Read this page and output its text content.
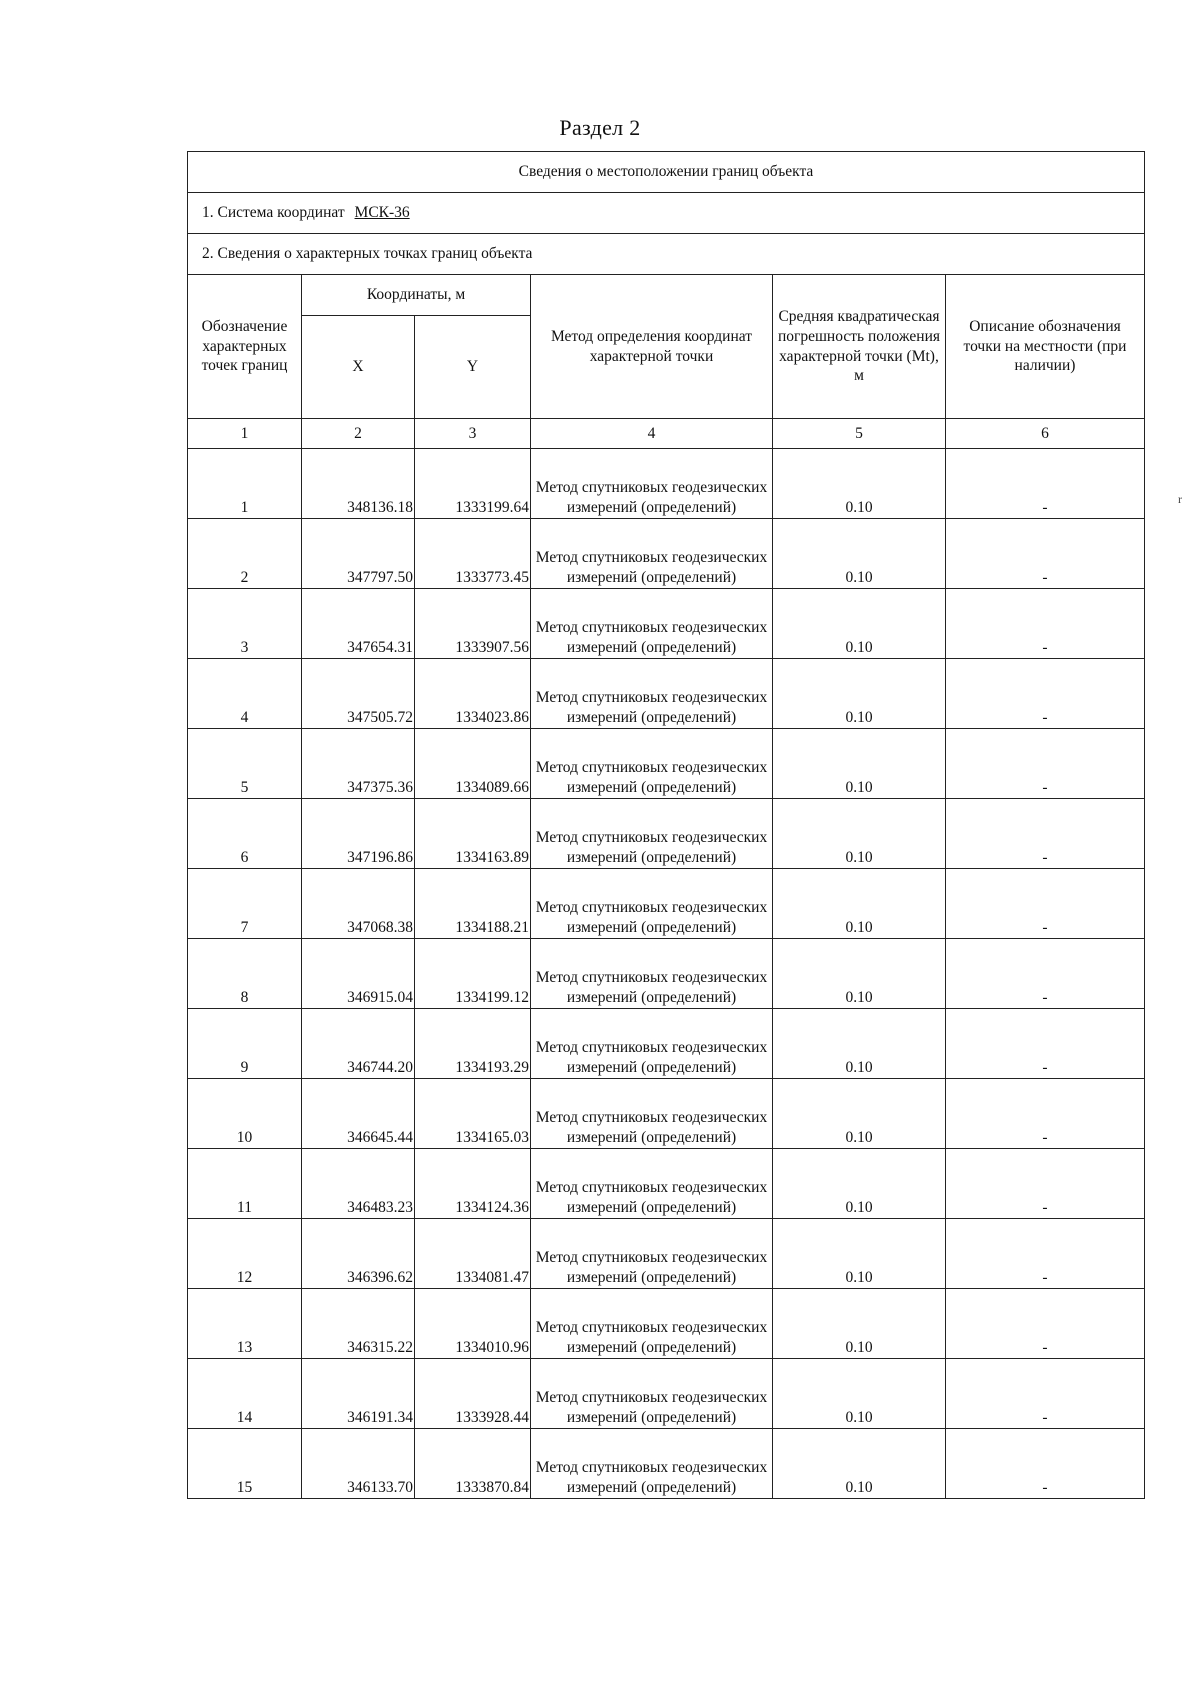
Раздел 2
Сведения о местоположении границ объекта					
1. Система координат МСК-36					
2. Сведения о характерных точках границ объекта					
Обозначение характерных точек границ	Координаты, м		Метод определения координат характерной точки	Средняя квадратическая погрешность положения характерной точки (Mt), м	Описание обозначения точки на местности (при наличии)
	X	Y			
1	2	3	4	5	6
1	348136.18	1333199.64	Метод спутниковых геодезических измерений (определений)	0.10	-
2	347797.50	1333773.45	Метод спутниковых геодезических измерений (определений)	0.10	-
3	347654.31	1333907.56	Метод спутниковых геодезических измерений (определений)	0.10	-
4	347505.72	1334023.86	Метод спутниковых геодезических измерений (определений)	0.10	-
5	347375.36	1334089.66	Метод спутниковых геодезических измерений (определений)	0.10	-
6	347196.86	1334163.89	Метод спутниковых геодезических измерений (определений)	0.10	-
7	347068.38	1334188.21	Метод спутниковых геодезических измерений (определений)	0.10	-
8	346915.04	1334199.12	Метод спутниковых геодезических измерений (определений)	0.10	-
9	346744.20	1334193.29	Метод спутниковых геодезических измерений (определений)	0.10	-
10	346645.44	1334165.03	Метод спутниковых геодезических измерений (определений)	0.10	-
11	346483.23	1334124.36	Метод спутниковых геодезических измерений (определений)	0.10	-
12	346396.62	1334081.47	Метод спутниковых геодезических измерений (определений)	0.10	-
13	346315.22	1334010.96	Метод спутниковых геодезических измерений (определений)	0.10	-
14	346191.34	1333928.44	Метод спутниковых геодезических измерений (определений)	0.10	-
15	346133.70	1333870.84	Метод спутниковых геодезических измерений (определений)	0.10	-
r
